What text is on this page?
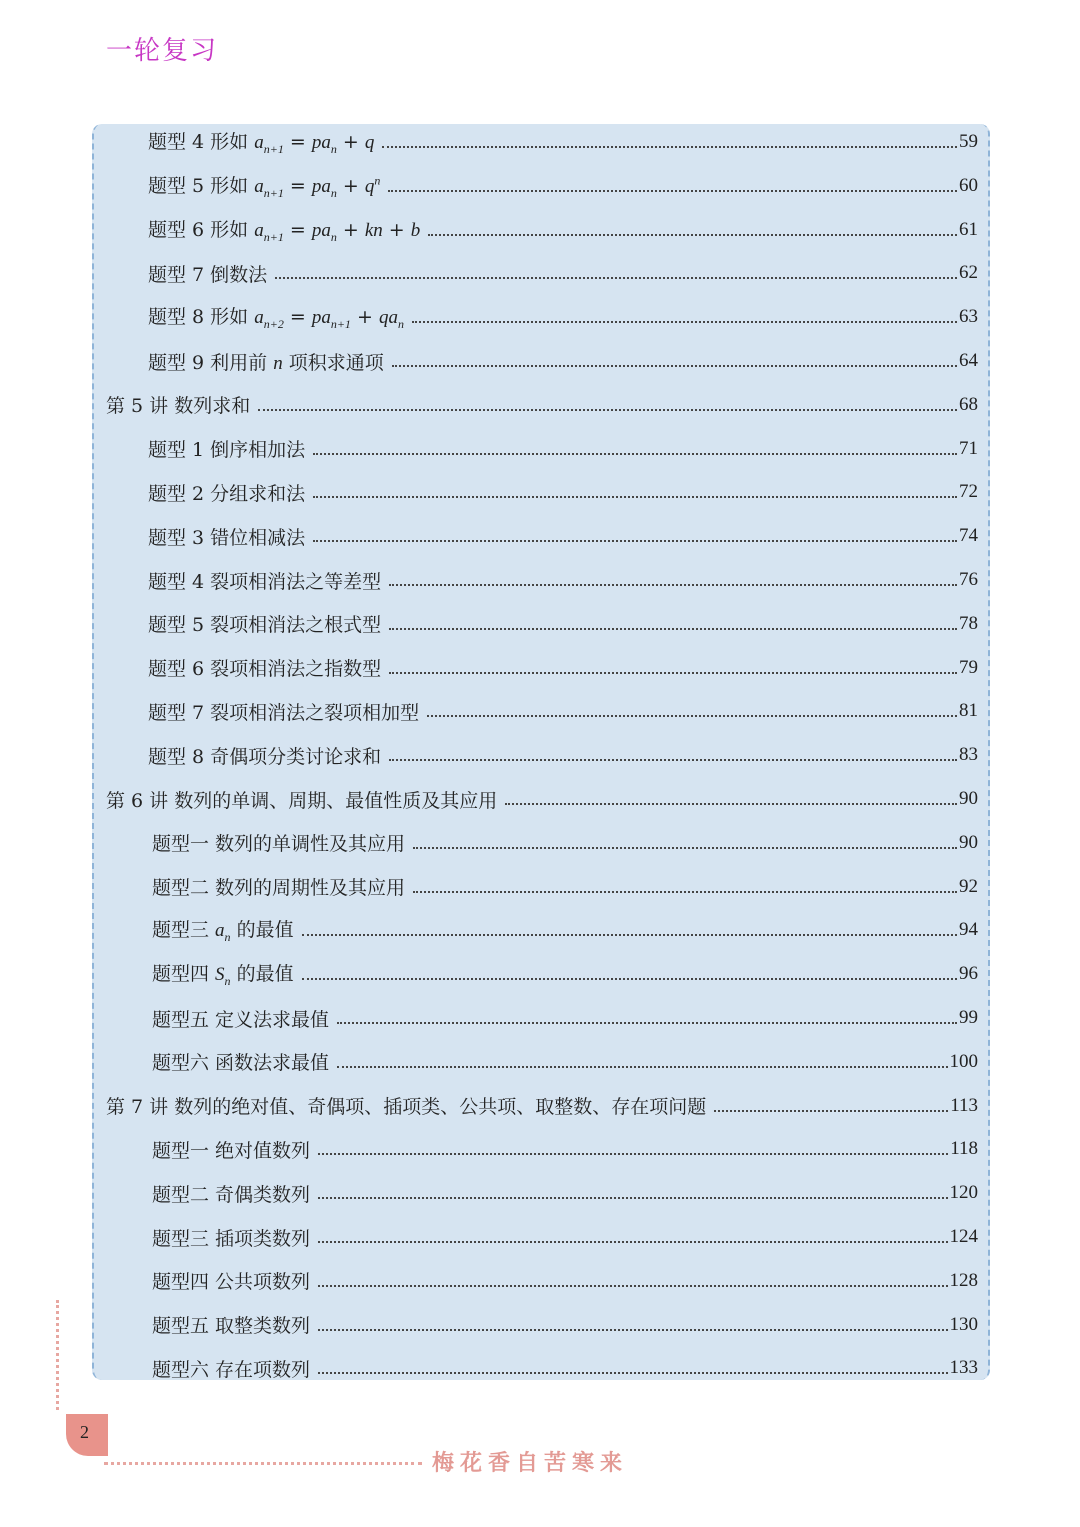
一轮复习
题型 4 形如 $a_{n+1} = pa_n + q$	59
题型 5 形如 $a_{n+1} = pa_n + q^n$	60
题型 6 形如 $a_{n+1} = pa_n$ + kn + b	61
题型 7 倒数法	62
题型 8 形如 $a_{n+2} = pa_{n+1} + qa_n$	63
题型 9 利用前 n 项积求通项	64
第 5 讲 数列求和	68
题型 1 倒序相加法	71
题型 2 分组求和法	72
题型 3 错位相减法	74
题型 4 裂项相消法之等差型	76
题型 5 裂项相消法之根式型	78
题型 6 裂项相消法之指数型	79
题型 7 裂项相消法之裂项相加型	81
题型 8 奇偶项分类讨论求和	83
第 6 讲 数列的单调、周期、最值性质及其应用	90
题型一 数列的单调性及其应用	90
题型二 数列的周期性及其应用	92
题型三 $a_n$ 的最值	94
题型四 $S_n$ 的最值	96
题型五 定义法求最值	99
题型六 函数法求最值	100
第 7 讲 数列的绝对值、奇偶项、插项类、公共项、取整数、存在项问题	113
题型一 绝对值数列	118
题型二 奇偶类数列	120
题型三 插项类数列	124
题型四 公共项数列	128
题型五 取整类数列	130
题型六 存在项数列	133
2
梅花香自苦寒来
